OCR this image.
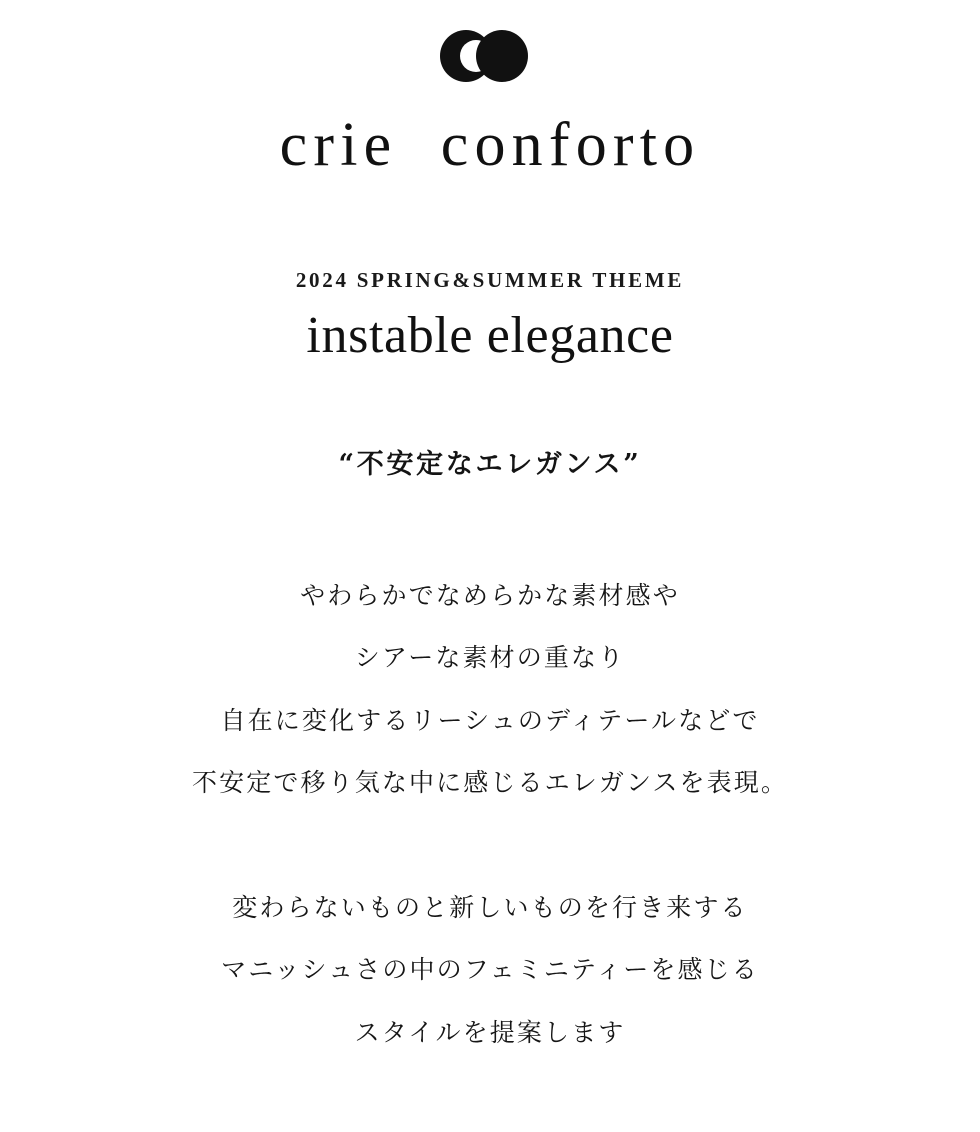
crie  conforto
2024 SPRING&SUMMER THEME
instable elegance
“不安定なエレガンス”
やわらかでなめらかな素材感や
シアーな素材の重なり
自在に変化するリーシュのディテールなどで
不安定で移り気な中に感じるエレガンスを表現。
変わらないものと新しいものを行き来する
マニッシュさの中のフェミニティーを感じる
スタイルを提案します
